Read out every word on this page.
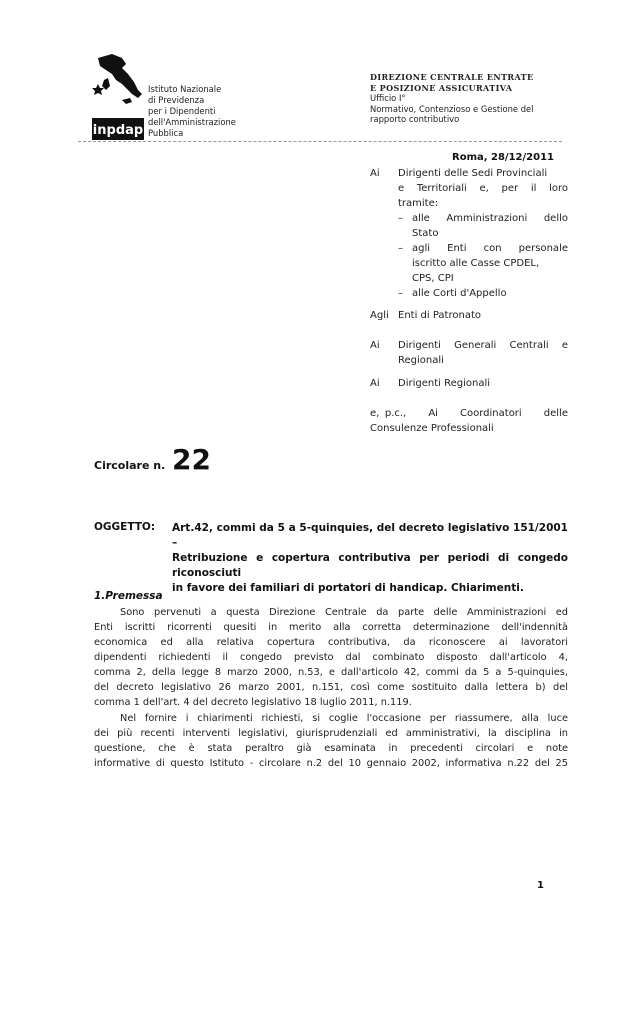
inpdap
Istituto Nazionale
di Previdenza
per i Dipendenti
dell'Amministrazione
Pubblica
DIREZIONE CENTRALE ENTRATE
E POSIZIONE ASSICURATIVA
Ufficio I°
Normativo, Contenzioso e Gestione del
rapporto contributivo
Roma, 28/12/2011
Ai Dirigenti delle Sedi Provinciali
e Territoriali e, per il loro
tramite:
– alle Amministrazioni dello
Stato
– agli Enti con personale
iscritto alle Casse CPDEL,
CPS, CPI
– alle Corti d'Appello
Agli Enti di Patronato
Ai Dirigenti Generali Centrali e
Regionali
Ai Dirigenti Regionali
e, p.c.,    Ai    Coordinatori    delle
Consulenze Professionali
Circolare n. 22
OGGETTO: Art.42, commi da 5 a 5-quinquies, del decreto legislativo 151/2001 –
Retribuzione e copertura contributiva per periodi di congedo riconosciuti
in favore dei familiari di portatori di handicap. Chiarimenti.
1.Premessa
Sono pervenuti a questa Direzione Centrale da parte delle Amministrazioni ed
Enti iscritti ricorrenti quesiti in merito alla corretta determinazione dell'indennità
economica ed alla relativa copertura contributiva, da riconoscere ai lavoratori
dipendenti richiedenti il congedo previsto dal combinato disposto dall'articolo 4,
comma 2, della legge 8 marzo 2000, n.53, e dall'articolo 42, commi da 5 a 5-quinquies,
del decreto legislativo 26 marzo 2001, n.151, così come sostituito dalla lettera b) del
comma 1 dell'art. 4 del decreto legislativo 18 luglio 2011, n.119.
Nel fornire i chiarimenti richiesti, si coglie l'occasione per riassumere, alla luce
dei più recenti interventi legislativi, giurisprudenziali ed amministrativi, la disciplina in
questione, che è stata peraltro già esaminata in precedenti circolari e note
informative di questo Istituto - circolare n.2 del 10 gennaio 2002, informativa n.22 del 25
1
